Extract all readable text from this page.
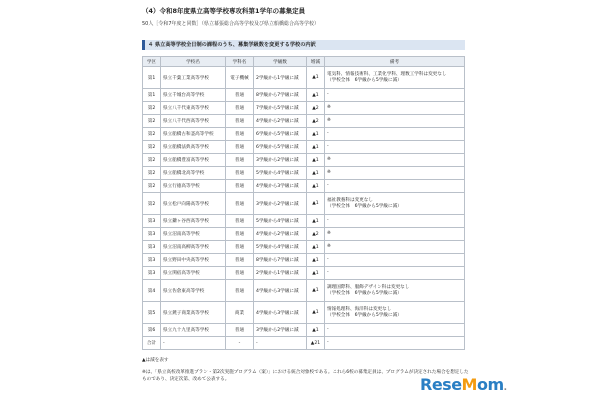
（4）令和8年度県立高等学校専攻科第1学年の募集定員
50人［令和7年度と同数］（県立幕張総合高等学校及び県立船橋総合高等学校）
４ 県立高等学校全日制の課程のうち、募集学級数を変更する学校の内訳
学区	学校名	学科名	学級数	増減	備考
第1	県立千葉工業高等学校	電子機械	2学級から1学級に減	▲1	電気科、情報技術科、工業化学科、理数工学科は変更なし
（学校全体　6学級から5学級に減）
第1	県立千城台高等学校	普通	8学級から7学級に減	▲1	-
第2	県立八千代東高等学校	普通	7学級から5学級に減	▲2	※
第2	県立八千代西高等学校	普通	4学級から2学級に減	▲2	※
第2	県立船橋古和釜高等学校	普通	6学級から5学級に減	▲1	-
第2	県立船橋法典高等学校	普通	6学級から5学級に減	▲1	-
第2	県立船橋豊富高等学校	普通	3学級から2学級に減	▲1	※
第2	県立船橋北高等学校	普通	5学級から4学級に減	▲1	※
第2	県立行徳高等学校	普通	4学級から3学級に減	▲1	-
第2	県立松戸向陽高等学校	普通	3学級から2学級に減	▲1	福祉教養科は変更なし
（学校全体　6学級から5学級に減）
第3	県立鎌ヶ谷西高等学校	普通	5学級から4学級に減	▲1	-
第3	県立沼南高等学校	普通	4学級から2学級に減	▲2	※
第3	県立沼南高柳高等学校	普通	5学級から4学級に減	▲1	※
第3	県立野田中央高等学校	普通	8学級から7学級に減	▲1	-
第3	県立関宿高等学校	普通	2学級から1学級に減	▲1	-
第4	県立佐倉東高等学校	普通	4学級から3学級に減	▲1	調理国際科、服飾デザイン科は変更なし
（学校全体　6学級から5学級に減）
第5	県立銚子商業高等学校	商業	4学級から3学級に減	▲1	情報処理科、海洋科は変更なし
（学校全体　6学級から5学級に減）
第6	県立九十九里高等学校	普通	3学級から2学級に減	▲1	-
合計	-	-	-	▲21	-
▲は減を表す
※は、「県立高校改革推進プラン・第2次実施プログラム（案）」における統合対象校である。これら6校の募集定員は、プログラムが決定された場合を想定したものであり、決定次第、改めて公表する。	ReseMom.
